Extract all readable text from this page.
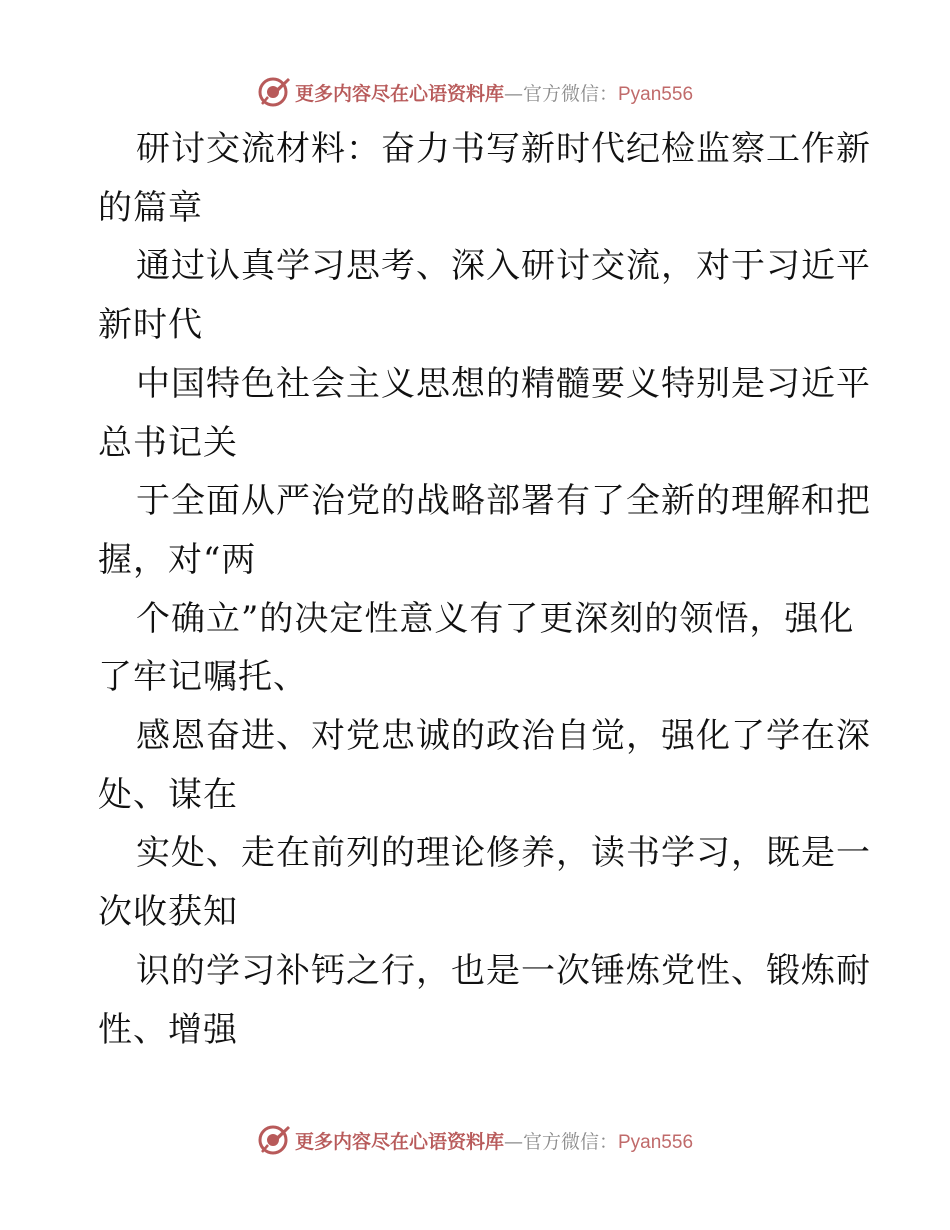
更多内容尽在心语资料库—官方微信：Pyan556

研讨交流材料：奋力书写新时代纪检监察工作新
的篇章

通过认真学习思考、深入研讨交流，对于习近平
新时代

中国特色社会主义思想的精髓要义特别是习近平
总书记关

于全面从严治党的战略部署有了全新的理解和把
握，对“两

个确立”的决定性意义有了更深刻的领悟，强化
了牢记嘱托、

感恩奋进、对党忠诚的政治自觉，强化了学在深
处、谋在

实处、走在前列的理论修养，读书学习，既是一
次收获知

识的学习补钙之行，也是一次锤炼党性、锻炼耐
性、增强

更多内容尽在心语资料库—官方微信：Pyan556
